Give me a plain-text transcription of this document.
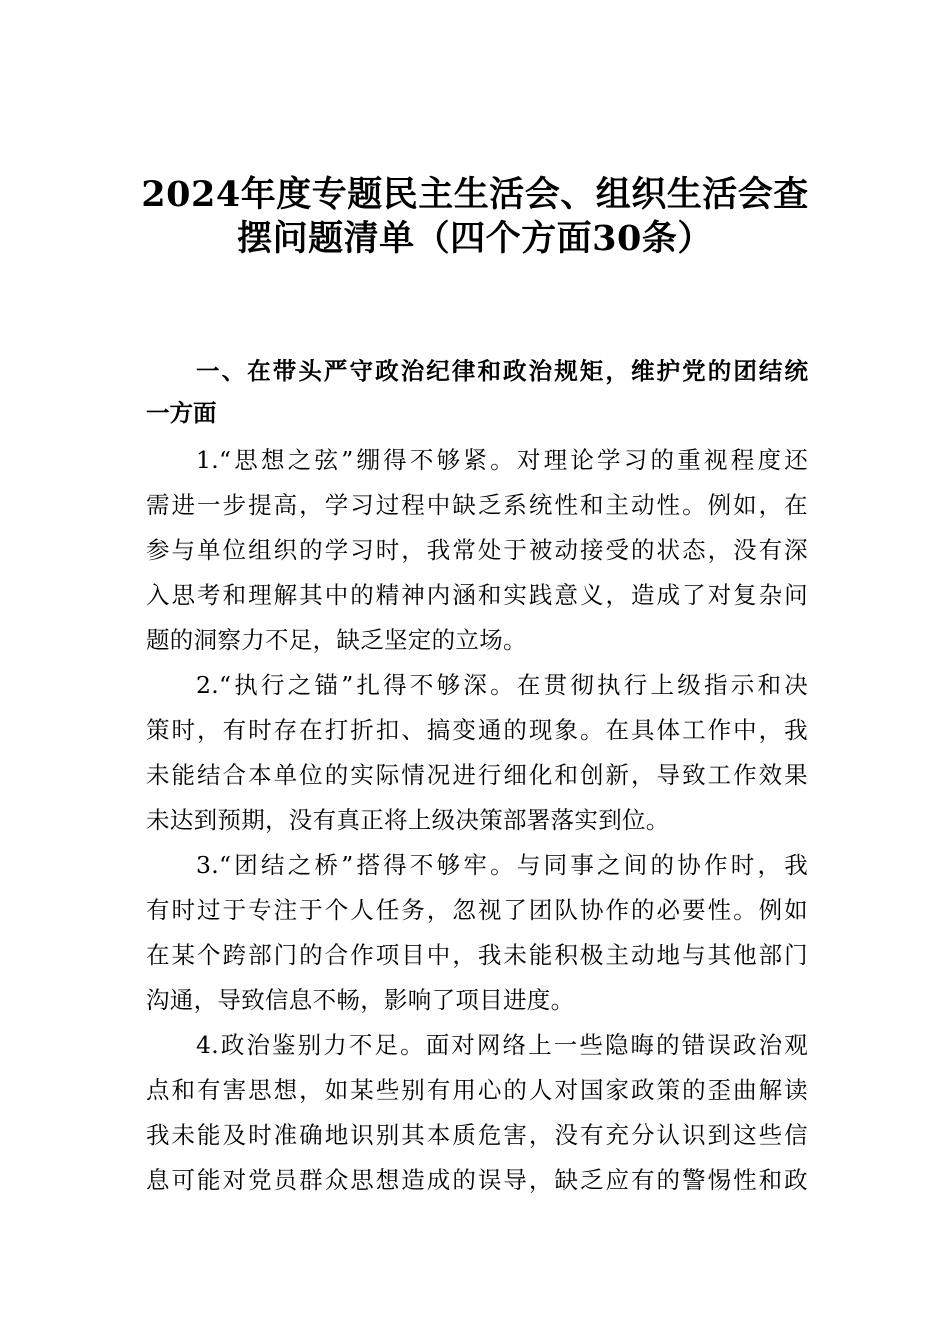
2024年度专题民主生活会、组织生活会查
摆问题清单（四个方面30条）
一、在带头严守政治纪律和政治规矩，维护党的团结统
一方面
1.“思想之弦”绷得不够紧。对理论学习的重视程度还
需进一步提高，学习过程中缺乏系统性和主动性。例如，在
参与单位组织的学习时，我常处于被动接受的状态，没有深
入思考和理解其中的精神内涵和实践意义，造成了对复杂问
题的洞察力不足，缺乏坚定的立场。
2.“执行之锚”扎得不够深。在贯彻执行上级指示和决
策时，有时存在打折扣、搞变通的现象。在具体工作中，我
未能结合本单位的实际情况进行细化和创新，导致工作效果
未达到预期，没有真正将上级决策部署落实到位。
3.“团结之桥”搭得不够牢。与同事之间的协作时，我
有时过于专注于个人任务，忽视了团队协作的必要性。例如
在某个跨部门的合作项目中，我未能积极主动地与其他部门
沟通，导致信息不畅，影响了项目进度。
4.政治鉴别力不足。面对网络上一些隐晦的错误政治观
点和有害思想，如某些别有用心的人对国家政策的歪曲解读
我未能及时准确地识别其本质危害，没有充分认识到这些信
息可能对党员群众思想造成的误导，缺乏应有的警惕性和政
